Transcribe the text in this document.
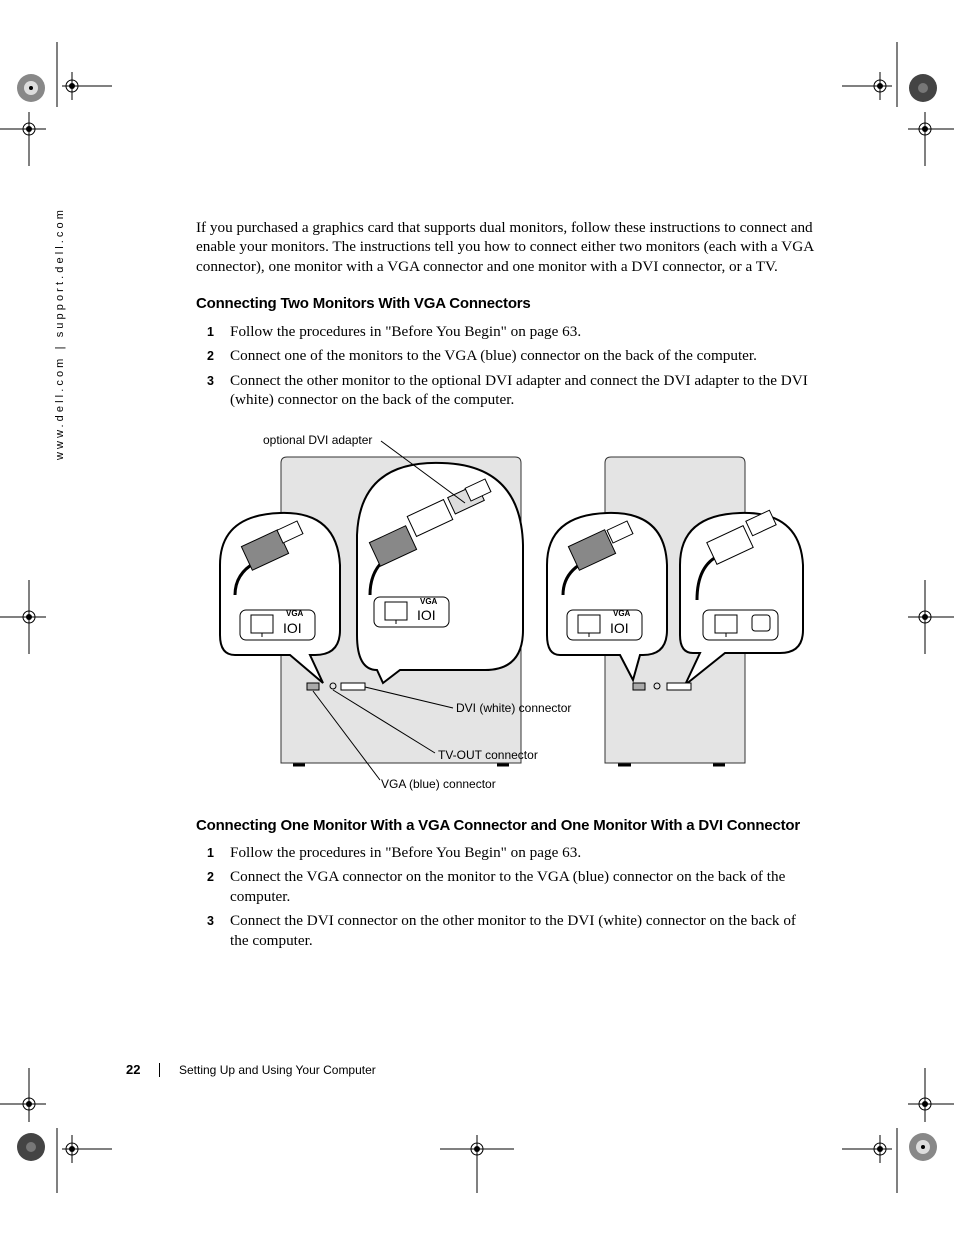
www.dell.com | support.dell.com	If you purchased a graphics card that supports dual monitors, follow these instructions to connect and enable your monitors. The instructions tell you how to connect either two monitors (each with a VGA connector), one monitor with a VGA connector and one monitor with a DVI connector, or a TV.

Connecting Two Monitors With VGA Connectors
1 Follow the procedures in "Before You Begin" on page 63.
2 Connect one of the monitors to the VGA (blue) connector on the back of the computer.
3 Connect the other monitor to the optional DVI adapter and connect the DVI adapter to the DVI (white) connector on the back of the computer.
IOI
IOI
IOI
VGA
VGA
VGA
optional DVI adapter
DVI (white) connector
TV-OUT connector
VGA (blue) connector
Connecting One Monitor With a VGA Connector and One Monitor With a DVI Connector
1 Follow the procedures in "Before You Begin" on page 63.
2 Connect the VGA connector on the monitor to the VGA (blue) connector on the back of the computer.
3 Connect the DVI connector on the other monitor to the DVI (white) connector on the back of the computer.
22	Setting Up and Using Your Computer
